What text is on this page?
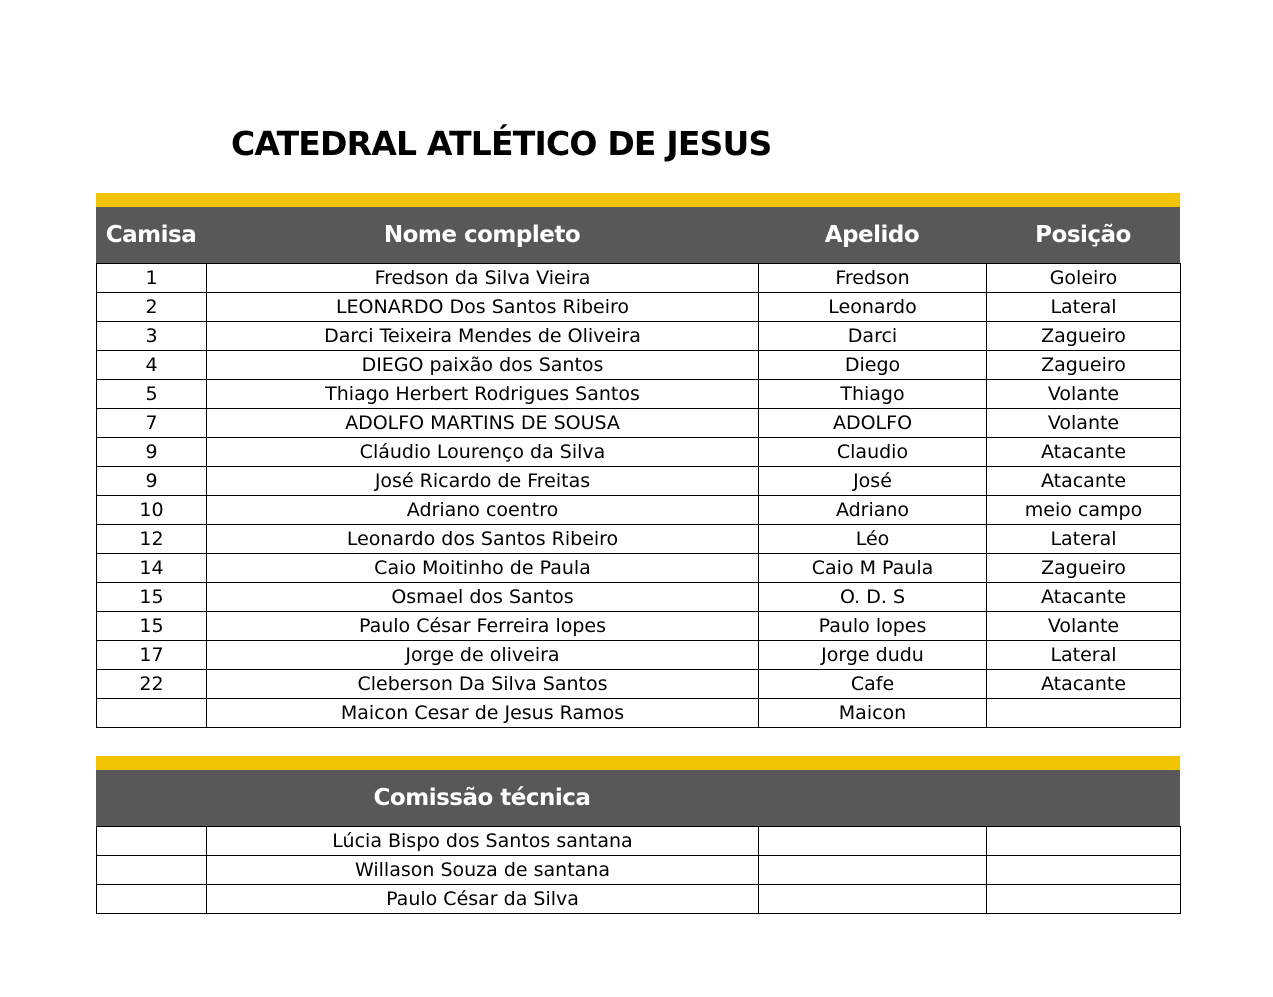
CATEDRAL ATLÉTICO DE JESUS
Camisa	Nome completo	Apelido	Posição
1	Fredson da Silva Vieira	Fredson	Goleiro
2	LEONARDO Dos Santos Ribeiro	Leonardo	Lateral
3	Darci Teixeira Mendes de Oliveira	Darci	Zagueiro
4	DIEGO paixão dos Santos	Diego	Zagueiro
5	Thiago Herbert Rodrigues Santos	Thiago	Volante
7	ADOLFO MARTINS DE SOUSA	ADOLFO	Volante
9	Cláudio Lourenço da Silva	Claudio	Atacante
9	José Ricardo de Freitas	José	Atacante
10	Adriano coentro	Adriano	meio campo
12	Leonardo dos Santos Ribeiro	Léo	Lateral
14	Caio Moitinho de Paula	Caio M Paula	Zagueiro
15	Osmael dos Santos	O. D. S	Atacante
15	Paulo César Ferreira lopes	Paulo lopes	Volante
17	Jorge de oliveira	Jorge dudu	Lateral
22	Cleberson Da Silva Santos	Cafe	Atacante
	Maicon Cesar de Jesus Ramos	Maicon	
Comissão técnica
	Lúcia Bispo dos Santos santana		
	Willason Souza de santana		
	Paulo César da Silva		
